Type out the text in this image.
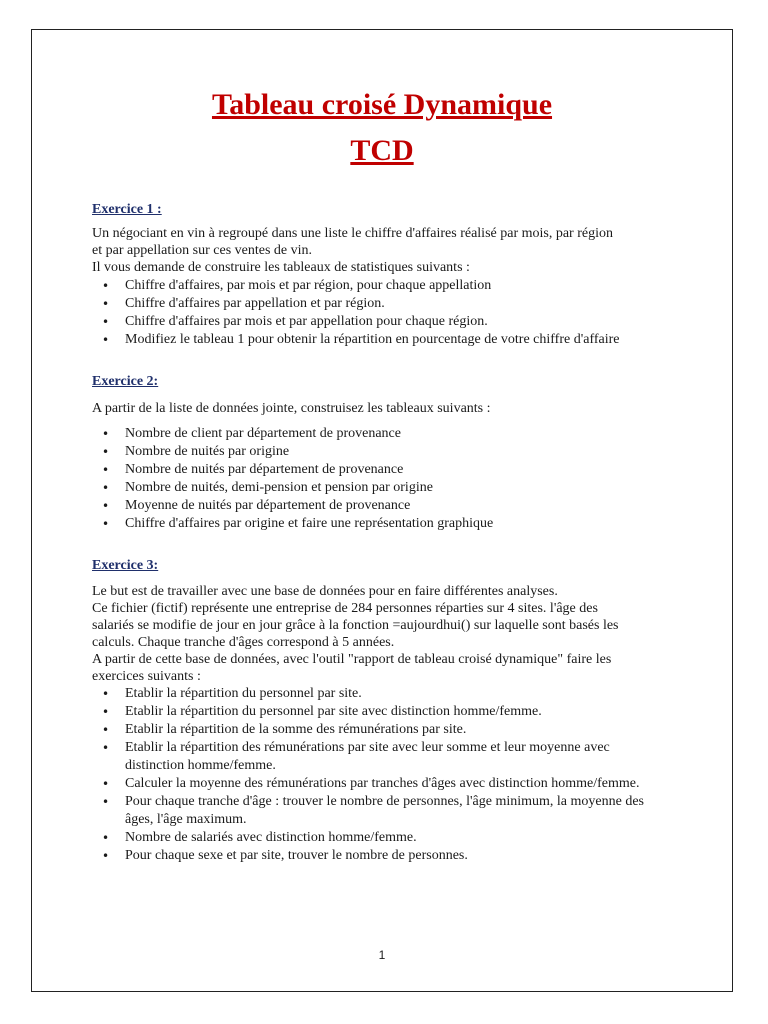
Tableau croisé Dynamique
TCD
Exercice 1 :

Un négociant en vin à regroupé dans une liste le chiffre d'affaires réalisé par mois, par région
et par appellation sur ces ventes de vin.
Il vous demande de construire les tableaux de statistiques suivants :

• Chiffre d'affaires, par mois et par région, pour chaque appellation
• Chiffre d'affaires par appellation et par région.
• Chiffre d'affaires par mois et par appellation pour chaque région.
• Modifiez le tableau 1 pour obtenir la répartition en pourcentage de votre chiffre d'affaire
Exercice 2:

A partir de la liste de données jointe, construisez les tableaux suivants :

• Nombre de client par département de provenance
• Nombre de nuités par origine
• Nombre de nuités par département de provenance
• Nombre de nuités, demi-pension et pension par origine
• Moyenne de nuités par département de provenance
• Chiffre d'affaires par origine et faire une représentation graphique
Exercice 3:

Le but est de travailler avec une base de données pour en faire différentes analyses.
Ce fichier (fictif) représente une entreprise de 284 personnes réparties sur 4 sites. l'âge des
salariés se modifie de jour en jour grâce à la fonction =aujourdhui() sur laquelle sont basés les
calculs. Chaque tranche d'âges correspond à 5 années.
A partir de cette base de données, avec l'outil "rapport de tableau croisé dynamique" faire les
exercices suivants :

• Etablir la répartition du personnel par site.
• Etablir la répartition du personnel par site avec distinction homme/femme.
• Etablir la répartition de la somme des rémunérations par site.
• Etablir la répartition des rémunérations par site avec leur somme et leur moyenne avec distinction homme/femme.
• Calculer la moyenne des rémunérations par tranches d'âges avec distinction homme/femme.
• Pour chaque tranche d'âge : trouver le nombre de personnes, l'âge minimum, la moyenne des âges, l'âge maximum.
• Nombre de salariés avec distinction homme/femme.
• Pour chaque sexe et par site, trouver le nombre de personnes.
1
